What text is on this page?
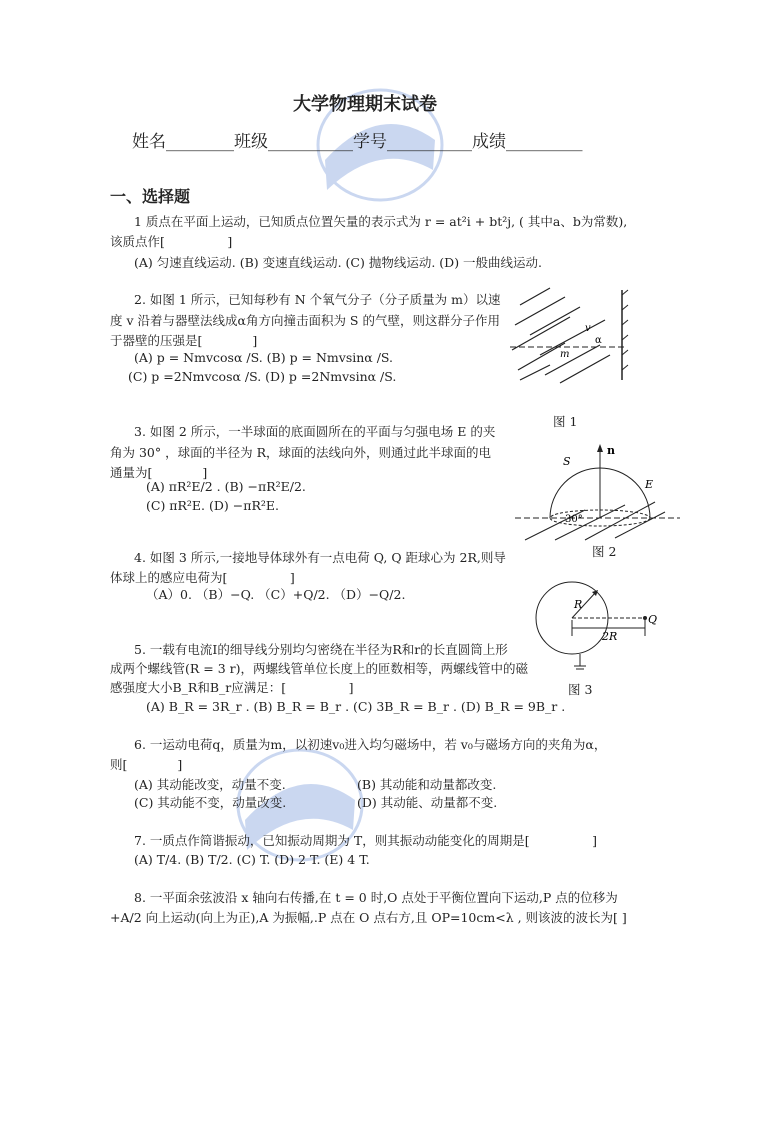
大学物理期末试卷
姓名________班级__________学号__________成绩_________
一、选择题
1 质点在平面上运动，已知质点位置矢量的表示式为 r = at²i + bt²j, ( 其中a、b为常数),
该质点作[　　　　　]
(A) 匀速直线运动. (B) 变速直线运动. (C) 抛物线运动. (D) 一般曲线运动.
2. 如图 1 所示，已知每秒有 N 个氧气分子（分子质量为 m）以速
度 v 沿着与器壁法线成α角方向撞击面积为 S 的气壁，则这群分子作用
于器壁的压强是[　　　　]
(A) p = Nmvcosα /S. (B) p = Nmvsinα /S.
(C) p =2Nmvcosα /S. (D) p =2Nmvsinα /S.
v
α
m
图 1
3. 如图 2 所示，一半球面的底面圆所在的平面与匀强电场 E 的夹
角为 30° ，球面的半径为 R，球面的法线向外，则通过此半球面的电
通量为[　　　　]
(A) πR²E/2 . (B) −πR²E/2.
(C) πR²E. (D) −πR²E.
n
S
E
30°
图 2
4. 如图 3 所示,一接地导体球外有一点电荷 Q, Q 距球心为 2R,则导
体球上的感应电荷为[　　　　　]
（A）0. （B）−Q. （C）+Q/2. （D）−Q/2.
R
Q
2R
图 3
5. 一载有电流I的细导线分别均匀密绕在半径为R和r的长直圆筒上形
成两个螺线管(R = 3 r)，两螺线管单位长度上的匝数相等，两螺线管中的磁
感强度大小B_R和B_r应满足：[　　　　　]
(A) B_R = 3R_r . (B) B_R = B_r . (C) 3B_R = B_r . (D) B_R = 9B_r .
6. 一运动电荷q，质量为m，以初速v₀进入均匀磁场中，若 v₀与磁场方向的夹角为α，
则[　　　　]
(A) 其动能改变，动量不变.	(B) 其动能和动量都改变.
(C) 其动能不变，动量改变.	(D) 其动能、动量都不变.
7. 一质点作简谐振动，已知振动周期为 T，则其振动动能变化的周期是[　　　　　]
(A) T/4. (B) T/2. (C) T. (D) 2 T. (E) 4 T.
8. 一平面余弦波沿 x 轴向右传播,在 t = 0 时,O 点处于平衡位置向下运动,P 点的位移为
+A/2 向上运动(向上为正),A 为振幅,.P 点在 O 点右方,且 OP=10cm<λ , 则该波的波长为[ ]
